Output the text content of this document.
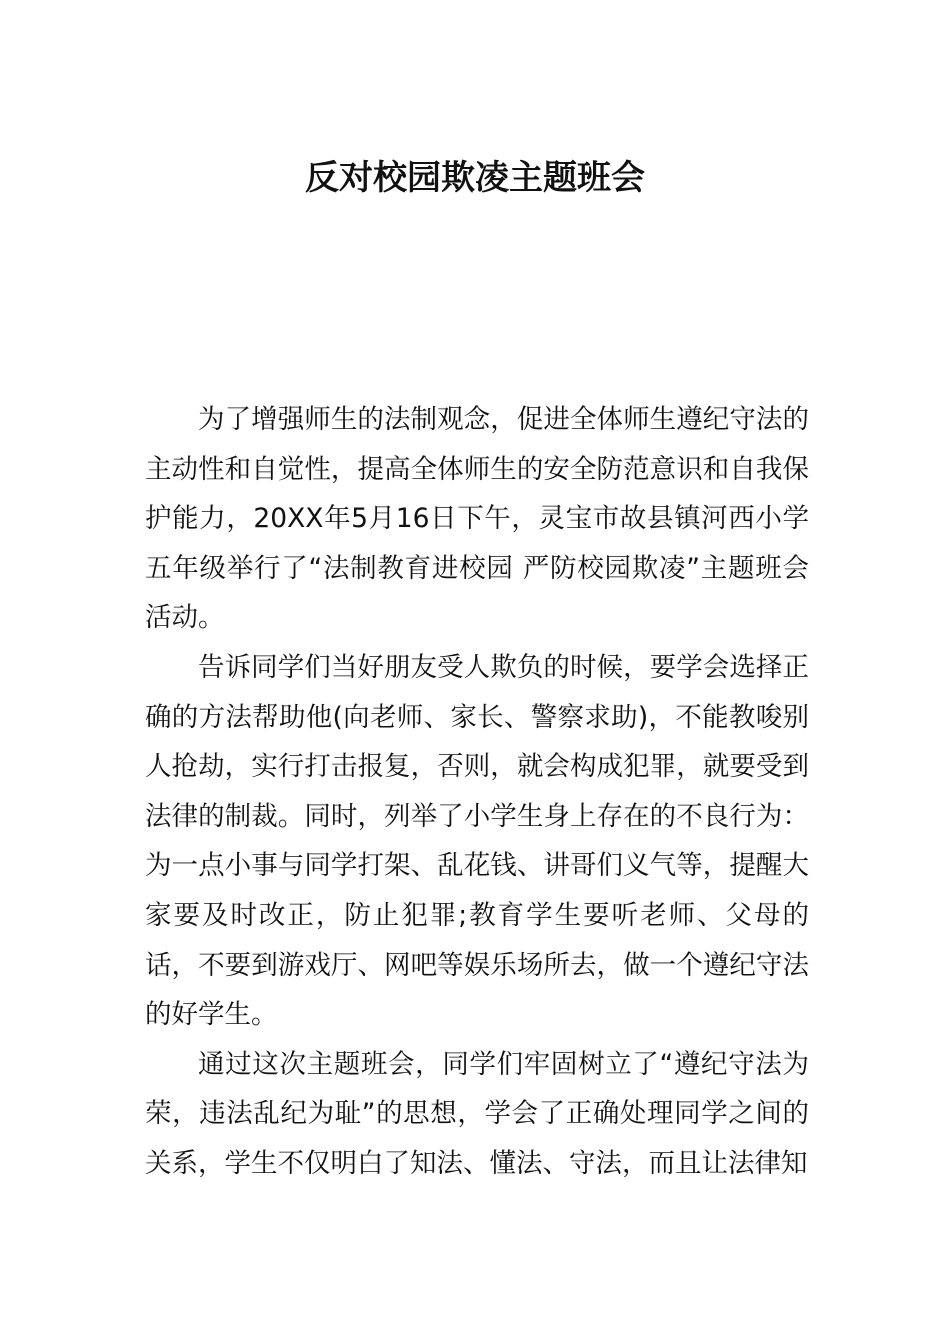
反对校园欺凌主题班会

为了增强师生的法制观念，促进全体师生遵纪守法的主动性和自觉性，提高全体师生的安全防范意识和自我保护能力，20XX年5月16日下午，灵宝市故县镇河西小学五年级举行了“法制教育进校园 严防校园欺凌”主题班会活动。

告诉同学们当好朋友受人欺负的时候，要学会选择正确的方法帮助他(向老师、家长、警察求助)，不能教唆别人抢劫，实行打击报复，否则，就会构成犯罪，就要受到法律的制裁。同时，列举了小学生身上存在的不良行为：为一点小事与同学打架、乱花钱、讲哥们义气等，提醒大家要及时改正，防止犯罪;教育学生要听老师、父母的话，不要到游戏厅、网吧等娱乐场所去，做一个遵纪守法的好学生。

通过这次主题班会，同学们牢固树立了“遵纪守法为荣，违法乱纪为耻”的思想，学会了正确处理同学之间的关系，学生不仅明白了知法、懂法、守法，而且让法律知
